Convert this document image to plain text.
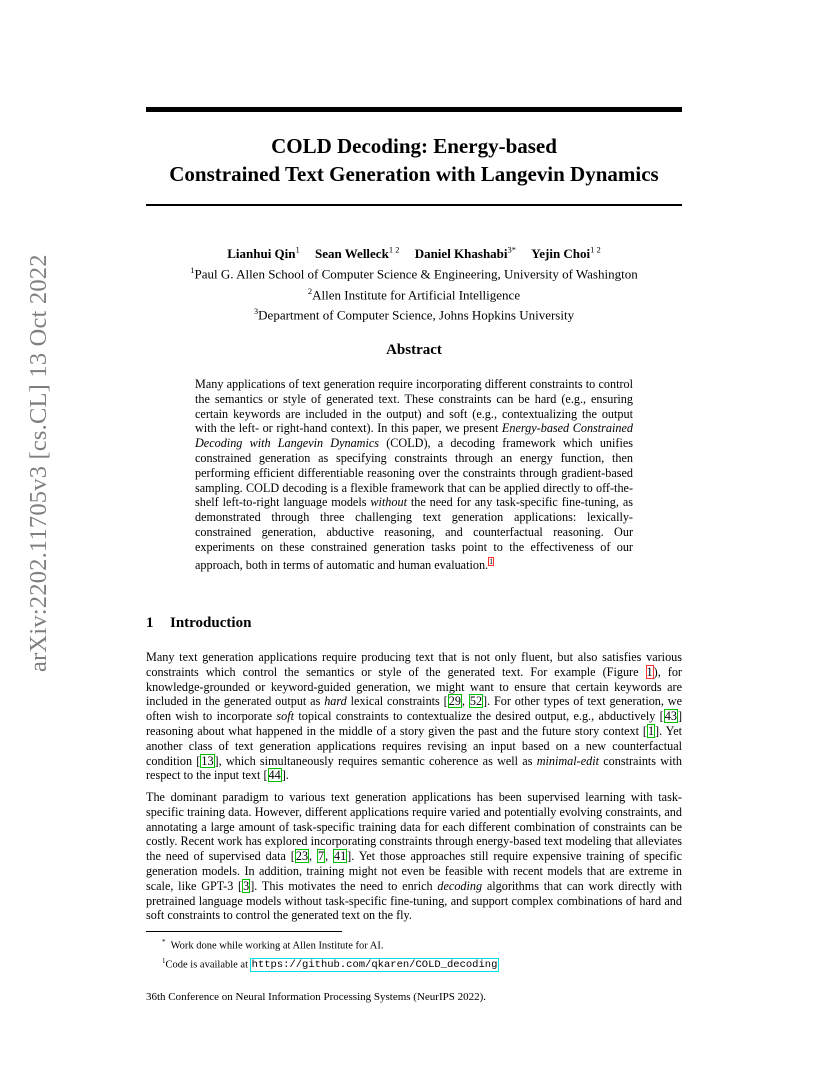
arXiv:2202.11705v3 [cs.CL] 13 Oct 2022
COLD Decoding: Energy-based
Constrained Text Generation with Langevin Dynamics
Lianhui Qin$^1$ Sean Welleck$^{1 2}$ Daniel Khashabi$^{3*}$ Yejin Choi$^{1 2}$
$^1$Paul G. Allen School of Computer Science & Engineering, University of Washington
$^2$Allen Institute for Artificial Intelligence
$^3$Department of Computer Science, Johns Hopkins University
Abstract

Many applications of text generation require incorporating different constraints to control the semantics or style of generated text. These constraints can be hard (e.g., ensuring certain keywords are included in the output) and soft (e.g., contextualizing the output with the left- or right-hand context). In this paper, we present Energy-based Constrained Decoding with Langevin Dynamics (COLD), a decoding framework which unifies constrained generation as specifying constraints through an energy function, then performing efficient differentiable reasoning over the constraints through gradient-based sampling. COLD decoding is a flexible framework that can be applied directly to off-the-shelf left-to-right language models without the need for any task-specific fine-tuning, as demonstrated through three challenging text generation applications: lexically-constrained generation, abductive reasoning, and counterfactual reasoning. Our experiments on these constrained generation tasks point to the effectiveness of our approach, both in terms of automatic and human evaluation.$^1$

1 Introduction

Many text generation applications require producing text that is not only fluent, but also satisfies various constraints which control the semantics or style of the generated text. For example (Figure 1), for knowledge-grounded or keyword-guided generation, we might want to ensure that certain keywords are included in the generated output as hard lexical constraints [29, 52]. For other types of text generation, we often wish to incorporate soft topical constraints to contextualize the desired output, e.g., abductively [43] reasoning about what happened in the middle of a story given the past and the future story context [1]. Yet another class of text generation applications requires revising an input based on a new counterfactual condition [13], which simultaneously requires semantic coherence as well as minimal-edit constraints with respect to the input text [44].

The dominant paradigm to various text generation applications has been supervised learning with task-specific training data. However, different applications require varied and potentially evolving constraints, and annotating a large amount of task-specific training data for each different combination of constraints can be costly. Recent work has explored incorporating constraints through energy-based text modeling that alleviates the need of supervised data [23, 7, 41]. Yet those approaches still require expensive training of specific generation models. In addition, training might not even be feasible with recent models that are extreme in scale, like GPT-3 [3]. This motivates the need to enrich decoding algorithms that can work directly with pretrained language models without task-specific fine-tuning, and support complex combinations of hard and soft constraints to control the generated text on the fly.

* Work done while working at Allen Institute for AI.
$^1$Code is available at https://github.com/qkaren/COLD_decoding
36th Conference on Neural Information Processing Systems (NeurIPS 2022).
